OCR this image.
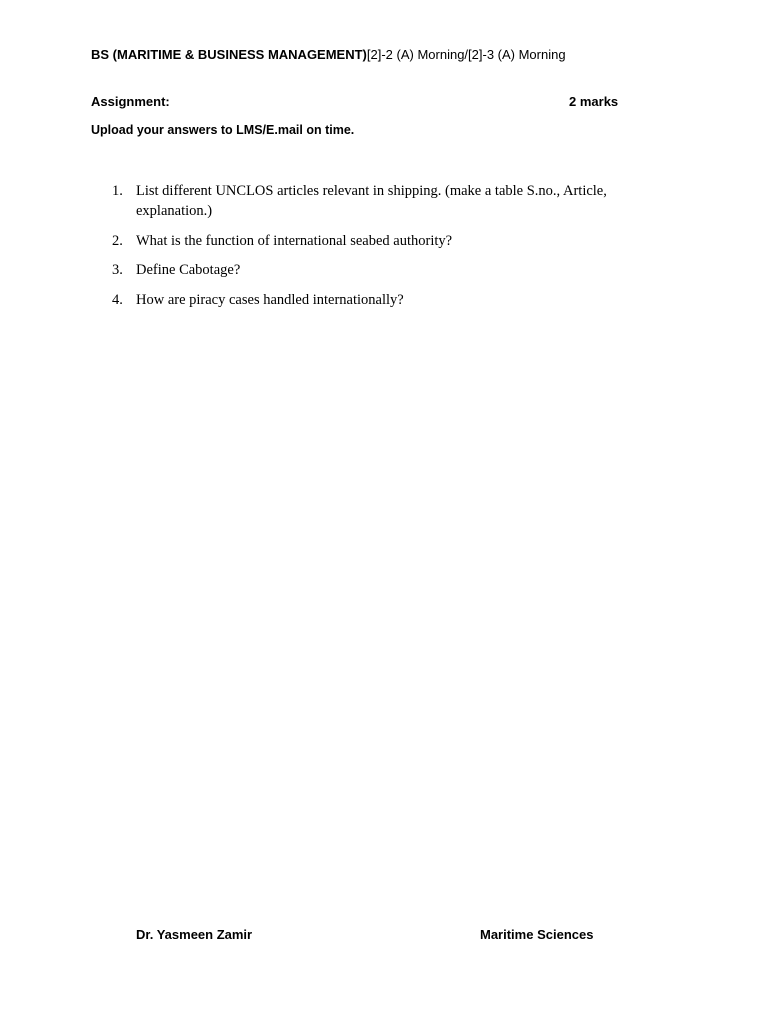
BS (MARITIME & BUSINESS MANAGEMENT)[2]-2 (A) Morning/[2]-3 (A) Morning
Assignment:	2 marks
Upload your answers to LMS/E.mail on time.
1. List different UNCLOS articles relevant in shipping. (make a table S.no., Article, explanation.)
2. What is the function of international seabed authority?
3. Define Cabotage?
4. How are piracy cases handled internationally?
Dr. Yasmeen Zamir	Maritime Sciences
